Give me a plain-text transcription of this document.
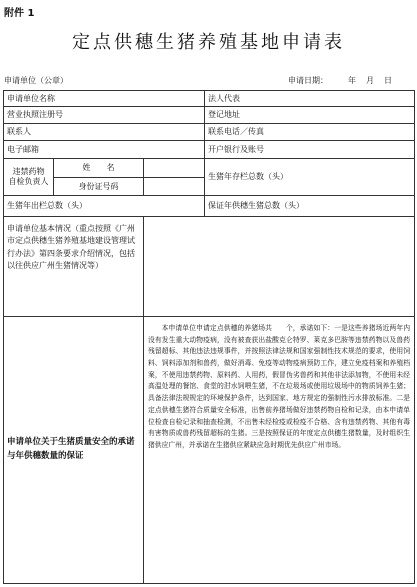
附件 1
定点供穗生猪养殖基地申请表
申请单位（公章）	申请日期：	年 月 日
申请单位名称			法人代表
营业执照注册号			登记地址
联系人			联系电话／传真
电子邮箱			开户银行及账号

违禁药物
自检负责人	姓　　名		生猪年存栏总数（头）
	身份证号码		
生猪年出栏总数（头）			保证年供穗生猪总数（头）
申请单位基本情况（重点按照《广州市定点供穗生猪养殖基地建设管理试行办法》第四条要求介绍情况，包括以往供应广州生猪情况等）			
申请单位关于生猪质量安全的承诺与年供穗数量的保证		本申请单位申请定点供穗的养猪场共　　个，承诺如下：一是这些养猪场近两年内没有发生重大动物疫病，没有被查获出盐酸克仑特罗、莱克多巴胺等违禁药物以及兽药残留超标、其他违法违规事件，并按照法律法规和国家强制性技术规范的要求，使用饲料、饲料添加剂和兽药，做好消毒、免疫等动物疫病预防工作，建立免疫档案和养殖档案，不使用违禁药物、原料药、人用药，假冒伪劣兽药和其他非法添加物，不使用未经高温处理的餐馆、食堂的泔水饲喂生猪，不在垃圾场或使用垃圾场中的物质饲养生猪；具备法律法规规定的环境保护条件，达到国家、地方规定的强制性污水排放标准。二是定点供穗生猪符合质量安全标准，出售前养猪场做好违禁药物自检和记录，由本申请单位检查自检记录和抽查检测，不出售未经检疫或检疫不合格、含有违禁药物、其他有毒有害物质或兽药残留超标的生猪。三是按照保证的年度定点供穗生猪数量，及时组织生猪供应广州，并承诺在生猪供应紧缺应急时期优先供应广州市场。	
